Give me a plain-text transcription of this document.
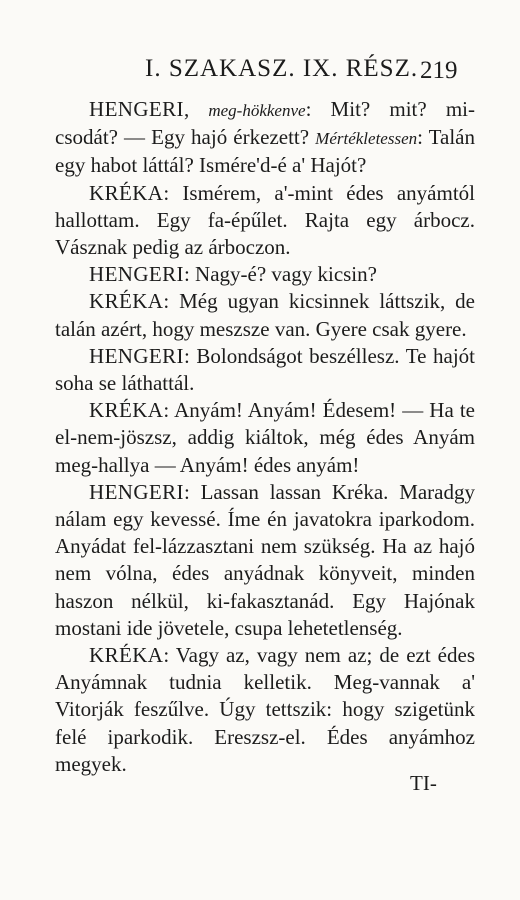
I. SZAKASZ. IX. RÉSZ. 219

HENGERI, meg-hökkenve: Mit? mit? micsodát? — Egy hajó érkezett? Mértékletessen: Talán egy habot láttál? Ismére'd-é a' Hajót?

KRÉKA: Ismérem, a'-mint édes anyámtól hallottam. Egy fa-épűlet. Rajta egy árbocz. Vásznak pedig az árboczon.

HENGERI: Nagy-é? vagy kicsin?

KRÉKA: Még ugyan kicsinnek láttszik, de talán azért, hogy meszsze van. Gyere csak gyere.

HENGERI: Bolondságot beszéllesz. Te hajót soha se láthattál.

KRÉKA: Anyám! Anyám! Édesem! — Ha te el-nem-jöszsz, addig kiáltok, még édes Anyám meg-hallya — Anyám! édes anyám!

HENGERI: Lassan lassan Kréka. Maradgy nálam egy kevessé. Íme én javatokra iparkodom. Anyádat fel-lázzasztani nem szükség. Ha az hajó nem vólna, édes anyádnak könyveit, minden haszon nélkül, ki-fakasztanád. Egy Hajónak mostani ide jövetele, csupa lehetetlenség.

KRÉKA: Vagy az, vagy nem az; de ezt édes Anyámnak tudnia kelletik. Meg-vannak a' Vitorják feszűlve. Úgy tettszik: hogy szigetünk felé iparkodik. Ereszsz-el. Édes anyámhoz megyek.

TI-
